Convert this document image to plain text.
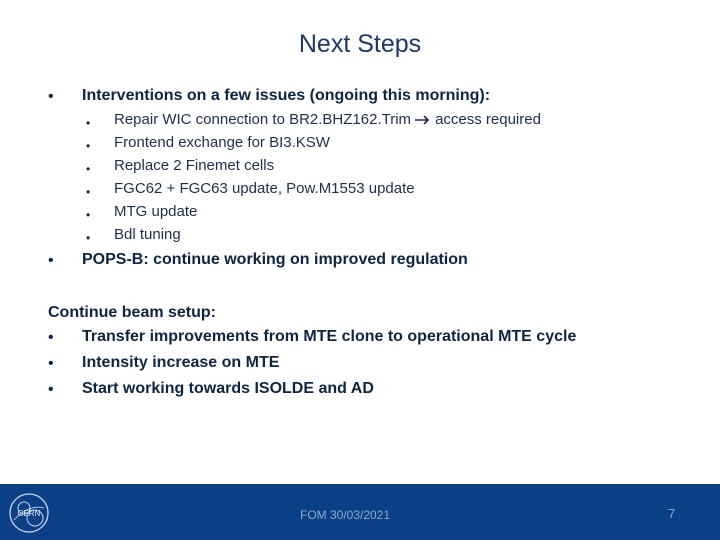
Next Steps
• Interventions on a few issues (ongoing this morning):
• Repair WIC connection to BR2.BHZ162.Trim access required
• Frontend exchange for BI3.KSW
• Replace 2 Finemet cells
• FGC62 + FGC63 update, Pow.M1553 update
• MTG update
• Bdl tuning
• POPS-B: continue working on improved regulation
Continue beam setup:
• Transfer improvements from MTE clone to operational MTE cycle
• Intensity increase on MTE
• Start working towards ISOLDE and AD
CERN	FOM 30/03/2021	7
